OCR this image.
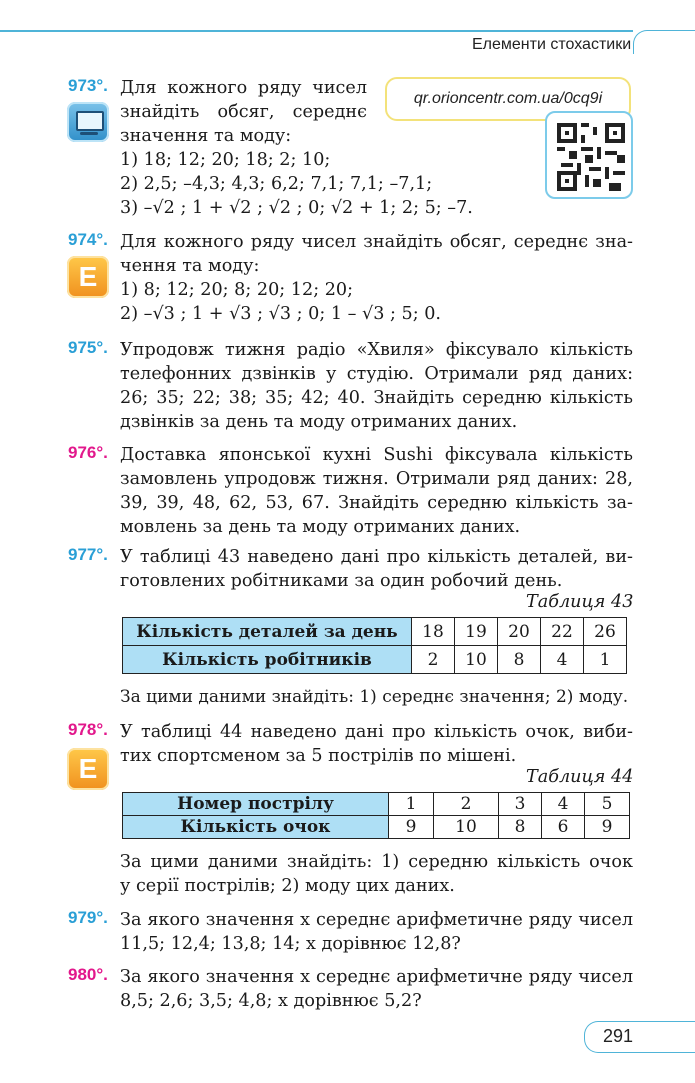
Елементи стохастики
973°. Для кожного ряду чисел
знайдіть обсяг, середнє
значення та моду:
1) 18; 12; 20; 18; 2; 10;
2) 2,5; –4,3; 4,3; 6,2; 7,1; 7,1; –7,1;
3) –√2 ; 1 + √2 ; √2 ; 0; √2 + 1; 2; 5; –7.
qr.orioncentr.com.ua/0cq9i
974°.
E
Для кожного ряду чисел знайдіть обсяг, середнє зна-
чення та моду:
1) 8; 12; 20; 8; 20; 12; 20;
2) –√3 ; 1 + √3 ; √3 ; 0; 1 – √3 ; 5; 0.
975°. Упродовж тижня радіо «Хвиля» фіксувало кількість
телефонних дзвінків у студію. Отримали ряд даних:
26; 35; 22; 38; 35; 42; 40. Знайдіть середню кількість
дзвінків за день та моду отриманих даних.
976°. Доставка японської кухні Sushi фіксувала кількість
замовлень упродовж тижня. Отримали ряд даних: 28,
39, 39, 48, 62, 53, 67. Знайдіть середню кількість за-
мовлень за день та моду отриманих даних.
977°. У таблиці 43 наведено дані про кількість деталей, ви-
готовлених робітниками за один робочий день.
Таблиця 43
Кількість деталей за день	18	19	20	22	26
Кількість робітників	2	10	8	4	1
За цими даними знайдіть: 1) середнє значення; 2) моду.
978°.
E
У таблиці 44 наведено дані про кількість очок, виби-
тих спортсменом за 5 пострілів по мішені.
Таблиця 44
Номер пострілу	1	2	3	4	5
Кількість очок	9	10	8	6	9
За цими даними знайдіть: 1) середню кількість очок
у серії пострілів; 2) моду цих даних.
979°. За якого значення x середнє арифметичне ряду чисел
11,5; 12,4; 13,8; 14; x дорівнює 12,8?
980°. За якого значення x середнє арифметичне ряду чисел
8,5; 2,6; 3,5; 4,8; x дорівнює 5,2?
291
